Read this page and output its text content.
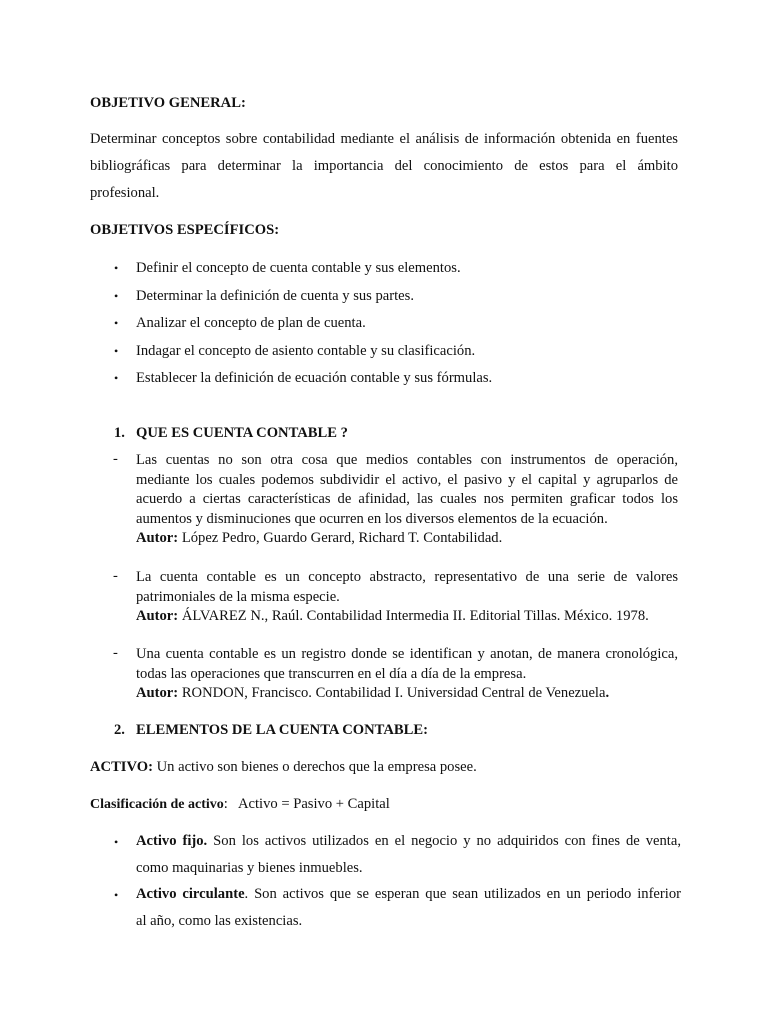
OBJETIVO GENERAL:

Determinar conceptos sobre contabilidad mediante el análisis de información obtenida en fuentes

bibliográficas para determinar la importancia del conocimiento de estos para el ámbito

profesional.

OBJETIVOS ESPECÍFICOS:

• Definir el concepto de cuenta contable y sus elementos.

• Determinar la definición de cuenta y sus partes.

• Analizar el concepto de plan de cuenta.

• Indagar el concepto de asiento contable y su clasificación.

• Establecer la definición de ecuación contable y sus fórmulas.

1. QUE ES CUENTA CONTABLE ?
- Las cuentas no son otra cosa que medios contables con instrumentos de operación,
mediante los cuales podemos subdividir el activo, el pasivo y el capital y agruparlos de
acuerdo a ciertas características de afinidad, las cuales nos permiten graficar todos los
aumentos y disminuciones que ocurren en los diversos elementos de la ecuación.
Autor: López Pedro, Guardo Gerard, Richard T. Contabilidad.
- La cuenta contable es un concepto abstracto, representativo de una serie de valores
patrimoniales de la misma especie.
Autor: ÁLVAREZ N., Raúl. Contabilidad Intermedia II. Editorial Tillas. México. 1978.
- Una cuenta contable es un registro donde se identifican y anotan, de manera cronológica,
todas las operaciones que transcurren en el día a día de la empresa.
Autor: RONDON, Francisco. Contabilidad I. Universidad Central de Venezuela.
2. ELEMENTOS DE LA CUENTA CONTABLE:

ACTIVO: Un activo son bienes o derechos que la empresa posee.

Clasificación de activo:   Activo = Pasivo + Capital

• Activo fijo. Son los activos utilizados en el negocio y no adquiridos con fines de venta,

como maquinarias y bienes inmuebles.

• Activo circulante. Son activos que se esperan que sean utilizados en un periodo inferior

al año, como las existencias.
